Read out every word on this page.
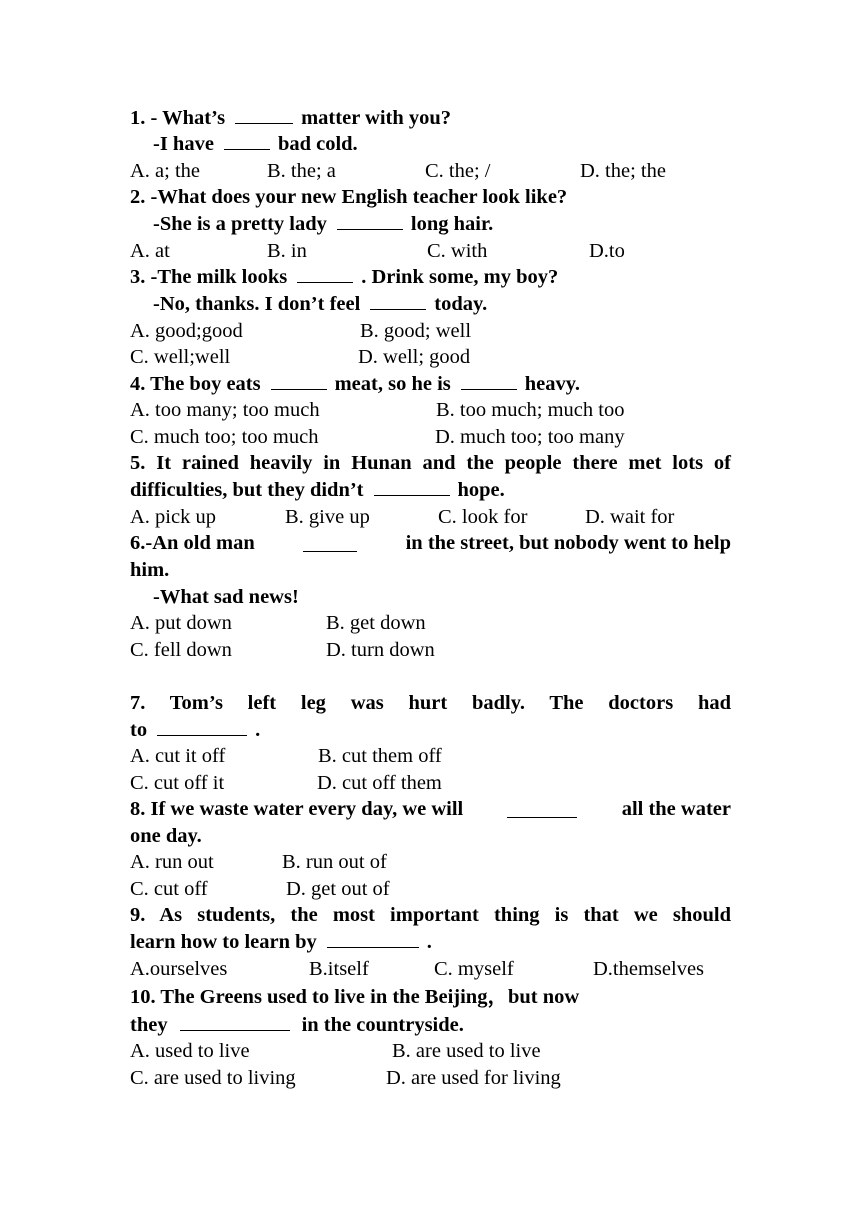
1. - What’s	matter with you?
-I have	bad cold.
A. a; the	B. the; a	C. the; /	D. the; the
2. -What does your new English teacher look like?
-She is a pretty lady	long hair.
A. at	B. in	C. with	D.to
3. -The milk looks	. Drink some, my boy?
-No, thanks. I don’t feel	today.
A. good;good	B. good; well
C. well;well	D. well; good
4. The boy eats	meat, so he is	heavy.
A. too many; too much	B. too much; much too
C. much too; too much	D. much too; too many
5. It rained heavily in Hunan and the people there met lots of
difficulties, but they didn’t	hope.
A. pick up	B. give up	C. look for	D. wait for
6.-An old man	in the street, but nobody went to help
him.
-What sad news!
A. put down	B. get down
C. fell down	D. turn down
7. Tom’s left leg was hurt badly. The doctors had
to	.
A. cut it off	B. cut them off
C. cut off it	D. cut off them
8. If we waste water every day, we will	all the water
one day.
A. run out	B. run out of
C. cut off	D. get out of
9. As students, the most important thing is that we should
learn how to learn by	.
A.ourselves	B.itself	C. myself	D.themselves
10. The Greens used to live in the Beijing，but now
they	in the countryside.
A. used to live	B. are used to live
C. are used to living	D. are used for living
